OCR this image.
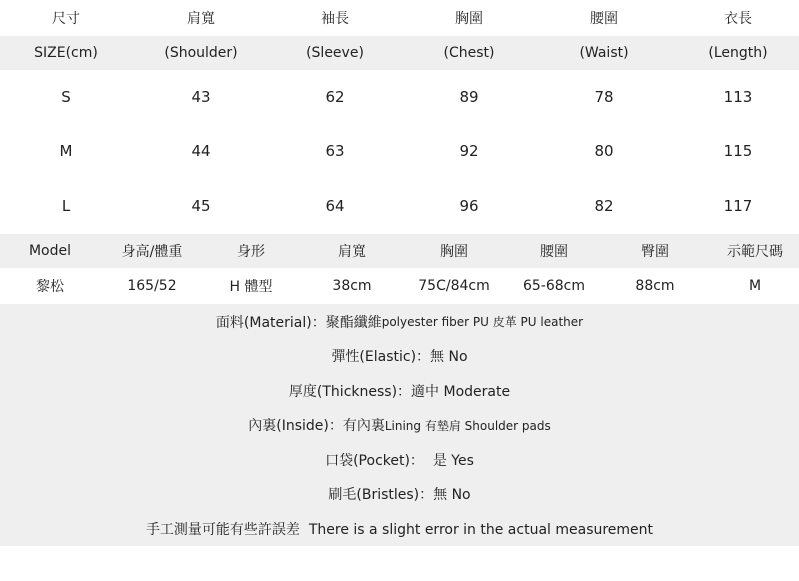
尺寸	肩寬	袖長	胸圍	腰圍	衣長
SIZE(cm)	(Shoulder)	(Sleeve)	(Chest)	(Waist)	(Length)
S	43	62	89	78	113
M	44	63	92	80	115
L	45	64	96	82	117
Model	身高/體重	身形	肩寬	胸圍	腰圍	臀圍	示範尺碼
黎松	165/52	H 體型	38cm	75C/84cm	65-68cm	88cm	M
面料(Material)：聚酯纖維 polyester fiber PU 皮革 PU leather
彈性(Elastic)：無 No
厚度(Thickness)：適中 Moderate
內裏(Inside)：有內裏 Lining 有墊肩 Shoulder pads
口袋(Pocket)：  是 Yes
刷毛(Bristles)：無 No
手工測量可能有些許誤差  There is a slight error in the actual measurement
